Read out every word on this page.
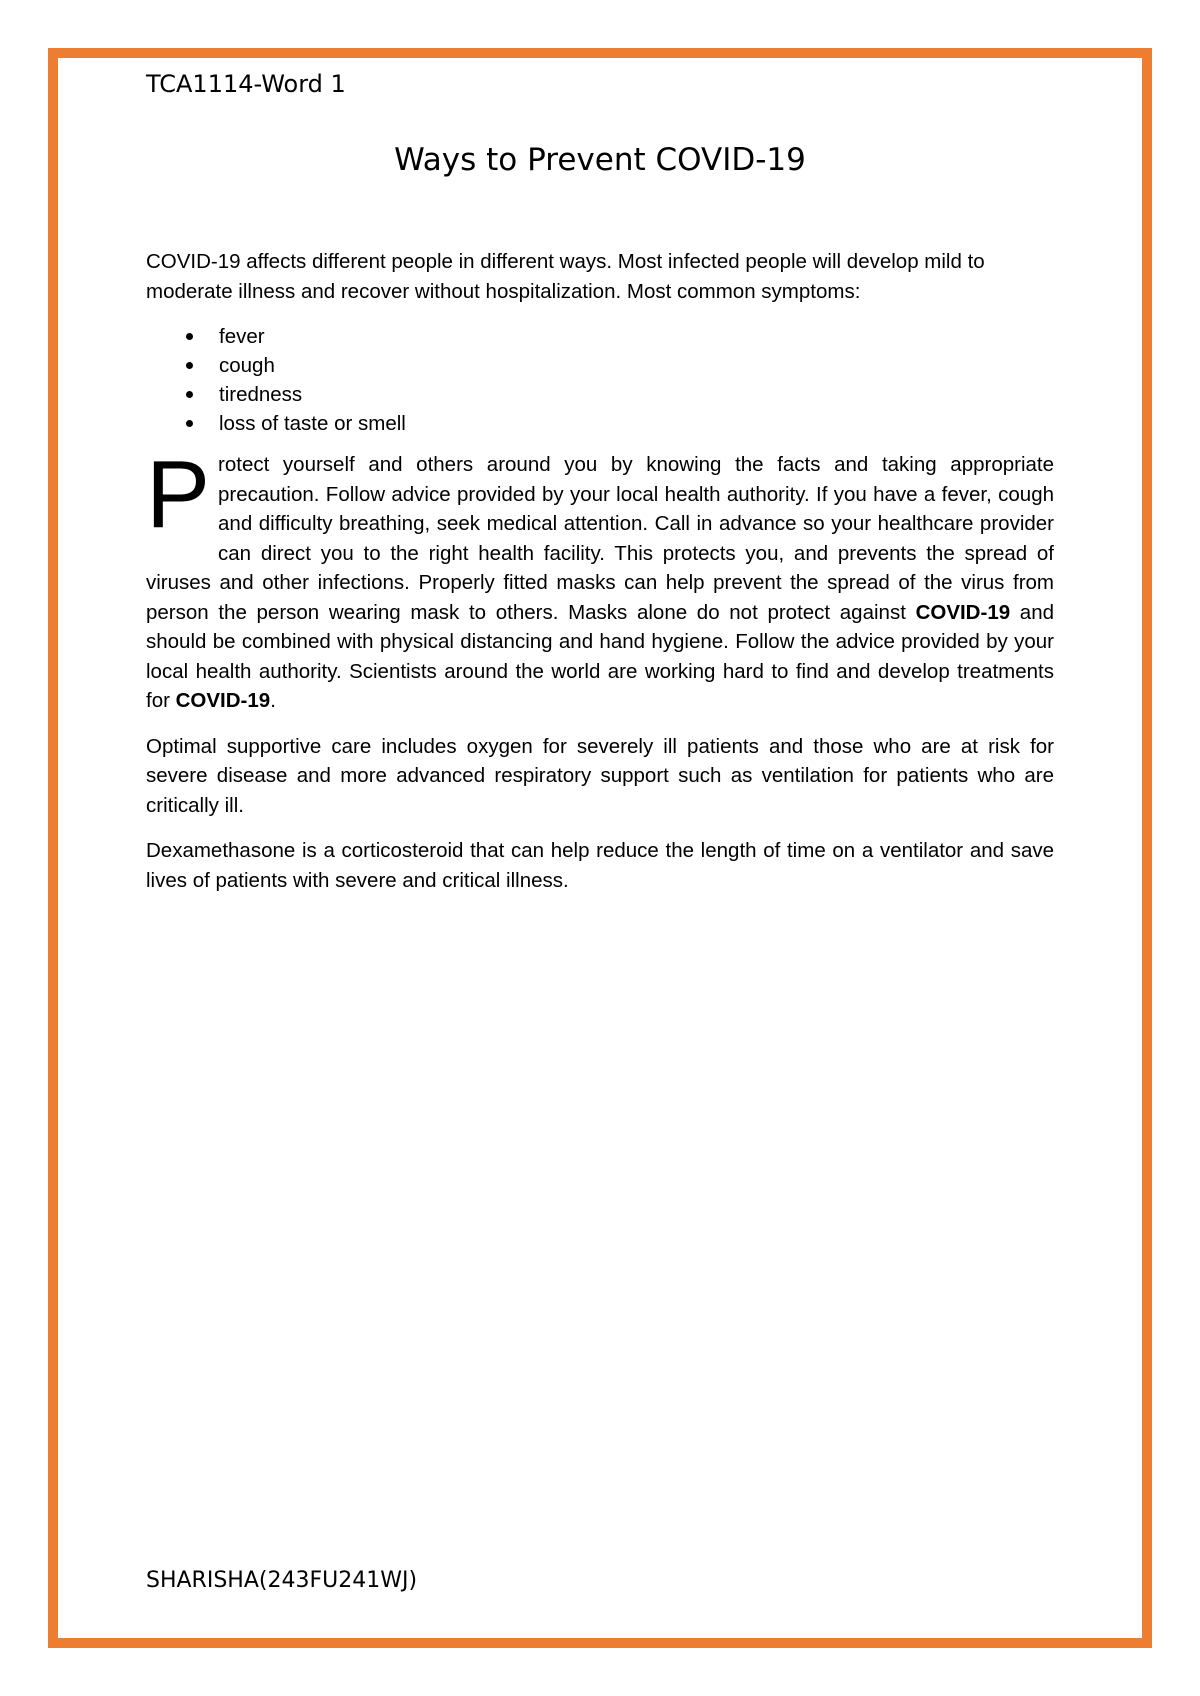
TCA1114-Word 1
Ways to Prevent COVID-19

COVID-19 affects different people in different ways. Most infected people will develop mild to moderate illness and recover without hospitalization. Most common symptoms:

fever
cough
tiredness
loss of taste or smell

Protect yourself and others around you by knowing the facts and taking appropriate precaution. Follow advice provided by your local health authority. If you have a fever, cough and difficulty breathing, seek medical attention. Call in advance so your healthcare provider can direct you to the right health facility. This protects you, and prevents the spread of viruses and other infections. Properly fitted masks can help prevent the spread of the virus from person the person wearing mask to others. Masks alone do not protect against COVID-19 and should be combined with physical distancing and hand hygiene. Follow the advice provided by your local health authority. Scientists around the world are working hard to find and develop treatments for COVID-19.

Optimal supportive care includes oxygen for severely ill patients and those who are at risk for severe disease and more advanced respiratory support such as ventilation for patients who are critically ill.

Dexamethasone is a corticosteroid that can help reduce the length of time on a ventilator and save lives of patients with severe and critical illness.

SHARISHA(243FU241WJ)
